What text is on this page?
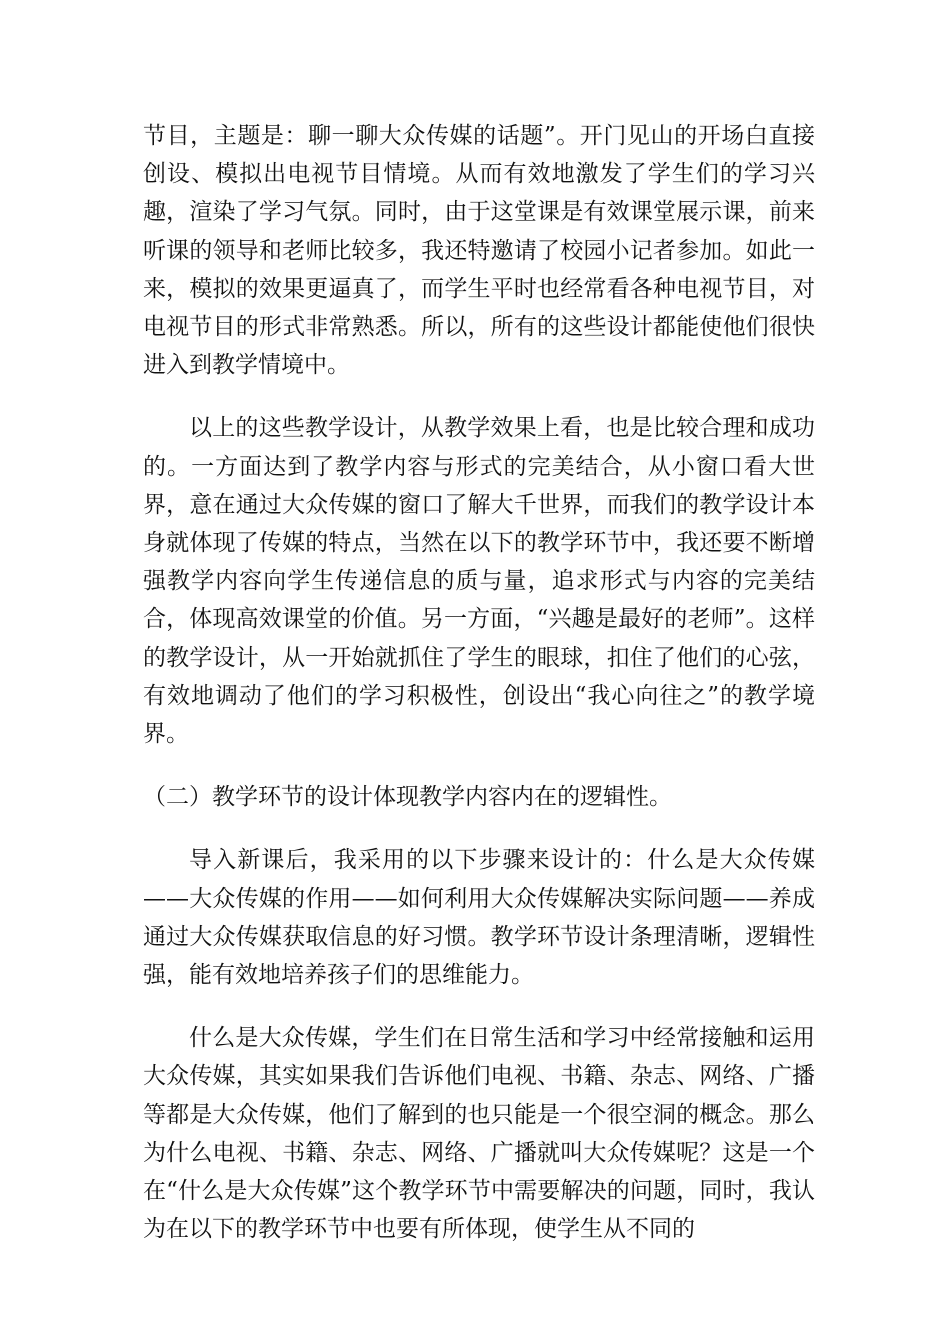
节目，主题是：聊一聊大众传媒的话题”。开门见山的开场白直接创设、模拟出电视节目情境。从而有效地激发了学生们的学习兴趣，渲染了学习气氛。同时，由于这堂课是有效课堂展示课，前来听课的领导和老师比较多，我还特邀请了校园小记者参加。如此一来，模拟的效果更逼真了，而学生平时也经常看各种电视节目，对电视节目的形式非常熟悉。所以，所有的这些设计都能使他们很快进入到教学情境中。

以上的这些教学设计，从教学效果上看，也是比较合理和成功的。一方面达到了教学内容与形式的完美结合，从小窗口看大世界，意在通过大众传媒的窗口了解大千世界，而我们的教学设计本身就体现了传媒的特点，当然在以下的教学环节中，我还要不断增强教学内容向学生传递信息的质与量，追求形式与内容的完美结合，体现高效课堂的价值。另一方面，“兴趣是最好的老师”。这样的教学设计，从一开始就抓住了学生的眼球，扣住了他们的心弦，有效地调动了他们的学习积极性，创设出“我心向往之”的教学境界。

（二）教学环节的设计体现教学内容内在的逻辑性。

导入新课后，我采用的以下步骤来设计的：什么是大众传媒——大众传媒的作用——如何利用大众传媒解决实际问题——养成通过大众传媒获取信息的好习惯。教学环节设计条理清晰，逻辑性强，能有效地培养孩子们的思维能力。

什么是大众传媒，学生们在日常生活和学习中经常接触和运用大众传媒，其实如果我们告诉他们电视、书籍、杂志、网络、广播等都是大众传媒，他们了解到的也只能是一个很空洞的概念。那么为什么电视、书籍、杂志、网络、广播就叫大众传媒呢？这是一个在“什么是大众传媒”这个教学环节中需要解决的问题，同时，我认为在以下的教学环节中也要有所体现，使学生从不同的
